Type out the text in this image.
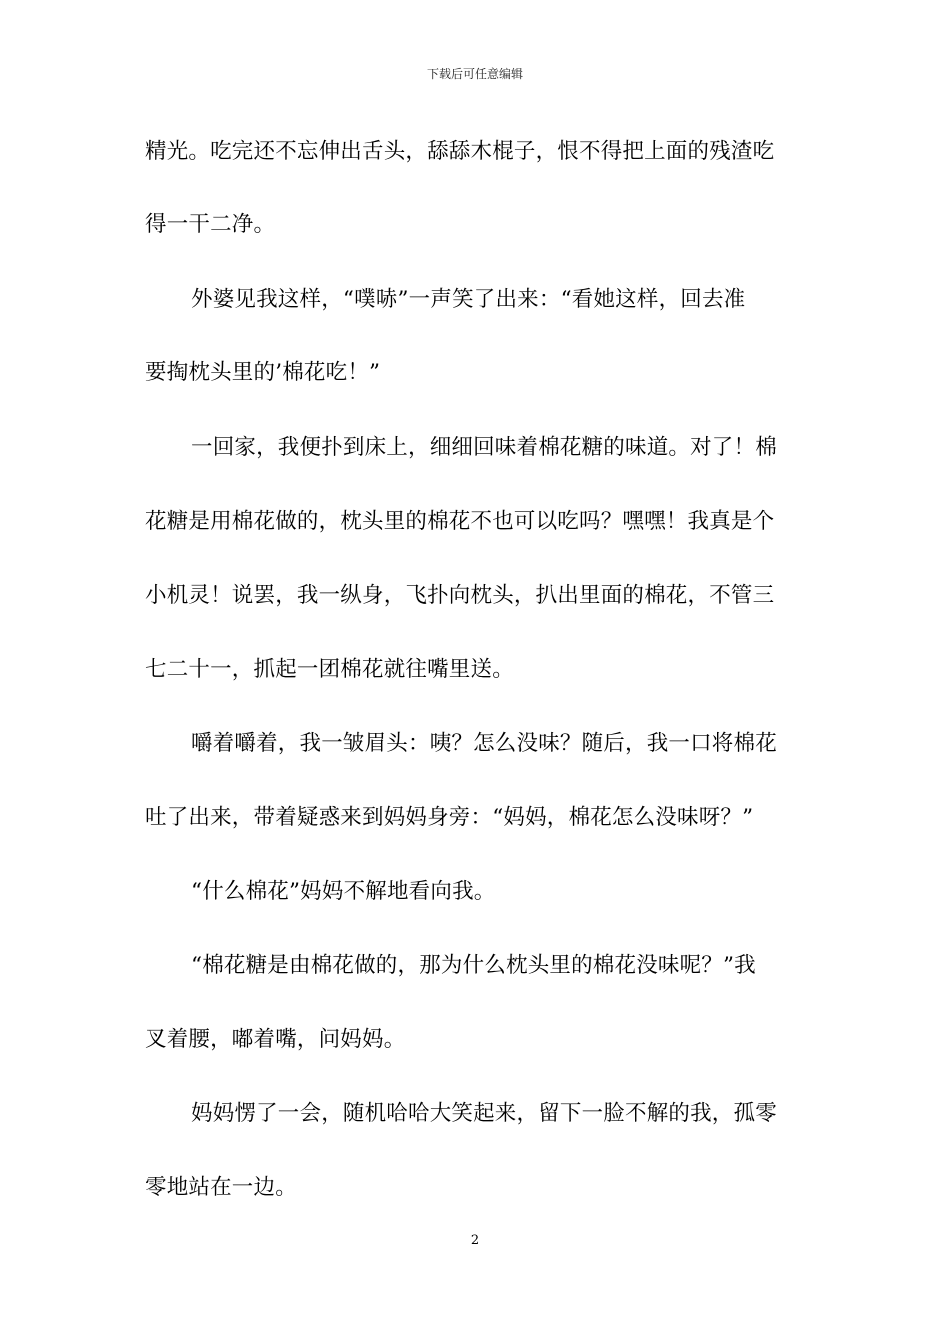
下载后可任意编辑
精光。吃完还不忘伸出舌头，舔舔木棍子，恨不得把上面的残渣吃
得一干二净。
外婆见我这样，“噗哧”一声笑了出来：“看她这样，回去准
要掏枕头里的’棉花吃！”
一回家，我便扑到床上，细细回味着棉花糖的味道。对了！棉
花糖是用棉花做的，枕头里的棉花不也可以吃吗？嘿嘿！我真是个
小机灵！说罢，我一纵身，飞扑向枕头，扒出里面的棉花，不管三
七二十一，抓起一团棉花就往嘴里送。
嚼着嚼着，我一皱眉头：咦？怎么没味？随后，我一口将棉花
吐了出来，带着疑惑来到妈妈身旁：“妈妈，棉花怎么没味呀？”
“什么棉花”妈妈不解地看向我。
“棉花糖是由棉花做的，那为什么枕头里的棉花没味呢？”我
叉着腰，嘟着嘴，问妈妈。
妈妈愣了一会，随机哈哈大笑起来，留下一脸不解的我，孤零
零地站在一边。
2
